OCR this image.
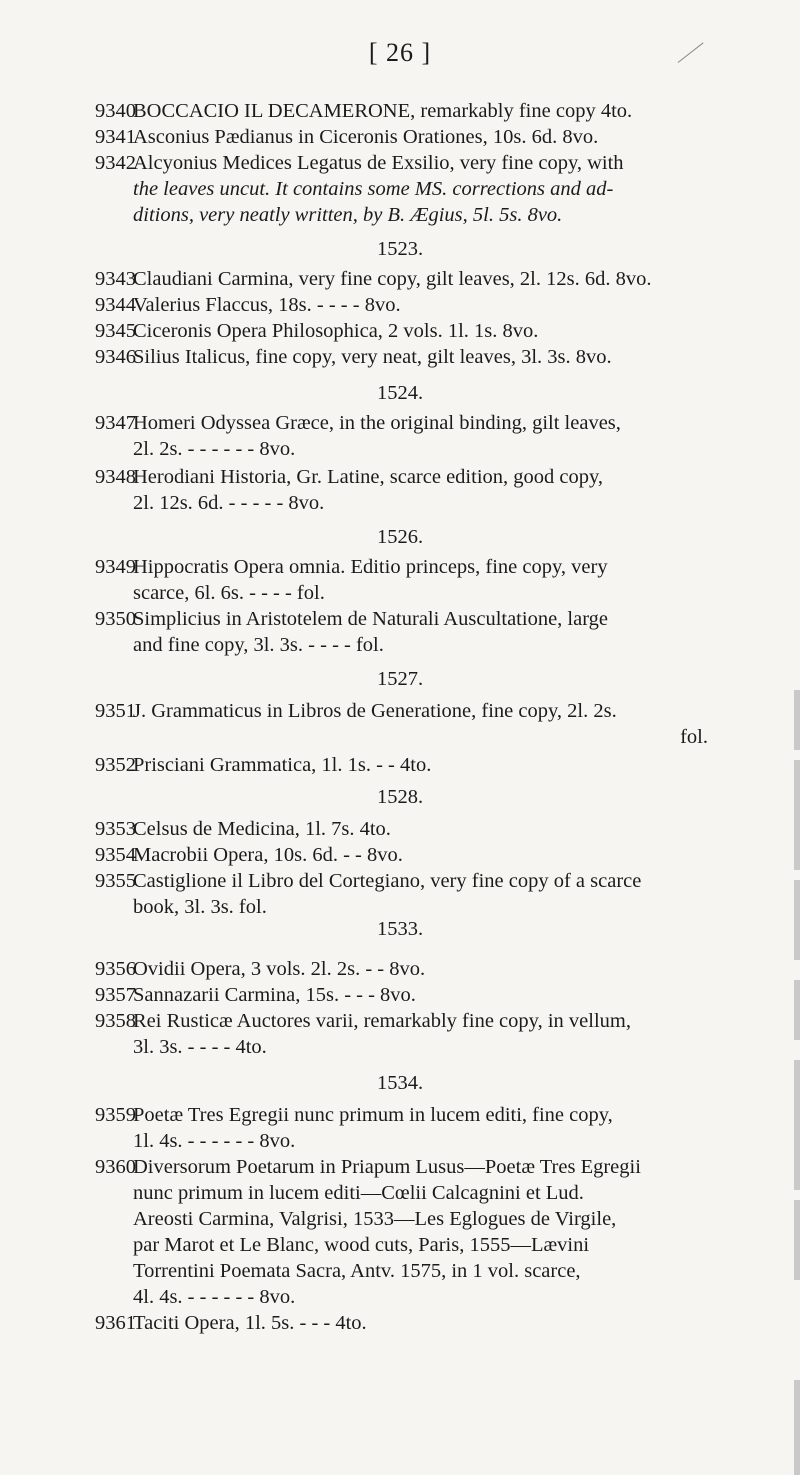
[ 26 ]
9340
BOCCACIO IL DECAMERONE, remarkably fine copy 4to.
9341
Asconius Pædianus in Ciceronis Orationes, 10s. 6d. 8vo.
9342
Alcyonius Medices Legatus de Exsilio, very fine copy, with
the leaves uncut. It contains some MS. corrections and ad-
ditions, very neatly written, by B. Ægius, 5l. 5s. 8vo.
1523.
9343
Claudiani Carmina, very fine copy, gilt leaves, 2l. 12s. 6d. 8vo.
9344
Valerius Flaccus, 18s. - - - - 8vo.
9345
Ciceronis Opera Philosophica, 2 vols. 1l. 1s. 8vo.
9346
Silius Italicus, fine copy, very neat, gilt leaves, 3l. 3s. 8vo.
1524.
9347
Homeri Odyssea Græce, in the original binding, gilt leaves,
2l. 2s. - - - - - - 8vo.
9348
Herodiani Historia, Gr. Latine, scarce edition, good copy,
2l. 12s. 6d. - - - - - 8vo.
1526.
9349
Hippocratis Opera omnia. Editio princeps, fine copy, very
scarce, 6l. 6s. - - - - fol.
9350
Simplicius in Aristotelem de Naturali Auscultatione, large
and fine copy, 3l. 3s. - - - - fol.
1527.
9351
J. Grammaticus in Libros de Generatione, fine copy, 2l. 2s.
fol.
9352
Prisciani Grammatica, 1l. 1s. - - 4to.
1528.
9353
Celsus de Medicina, 1l. 7s. 4to.
9354
Macrobii Opera, 10s. 6d. - - 8vo.
9355
Castiglione il Libro del Cortegiano, very fine copy of a scarce
book, 3l. 3s. fol.
1533.
9356
Ovidii Opera, 3 vols. 2l. 2s. - - 8vo.
9357
Sannazarii Carmina, 15s. - - - 8vo.
9358
Rei Rusticæ Auctores varii, remarkably fine copy, in vellum,
3l. 3s. - - - - 4to.
1534.
9359
Poetæ Tres Egregii nunc primum in lucem editi, fine copy,
1l. 4s. - - - - - - 8vo.
9360
Diversorum Poetarum in Priapum Lusus—Poetæ Tres Egregii
nunc primum in lucem editi—Cœlii Calcagnini et Lud.
Areosti Carmina, Valgrisi, 1533—Les Eglogues de Virgile,
par Marot et Le Blanc, wood cuts, Paris, 1555—Lævini
Torrentini Poemata Sacra, Antv. 1575, in 1 vol. scarce,
4l. 4s. - - - - - - 8vo.
9361
Taciti Opera, 1l. 5s. - - - 4to.
